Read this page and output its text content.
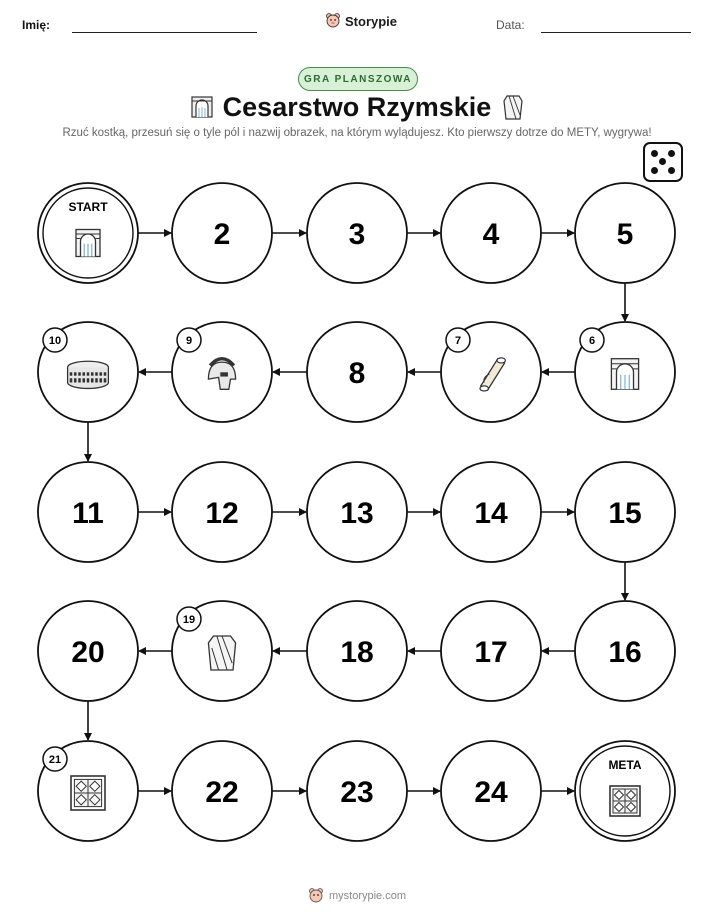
Imię:	Storypie	Data:
GRA PLANSZOWA
Cesarstwo Rzymskie
Rzuć kostką, przesuń się o tyle pól i nazwij obrazek, na którym wylądujesz. Kto pierwszy dotrze do METY, wygrywa!
START
2	3	4	5
6
7
8
9
10
11	12	13	14	15
16
17
18
19
20
21
22	23	24
META
mystorypie.com
